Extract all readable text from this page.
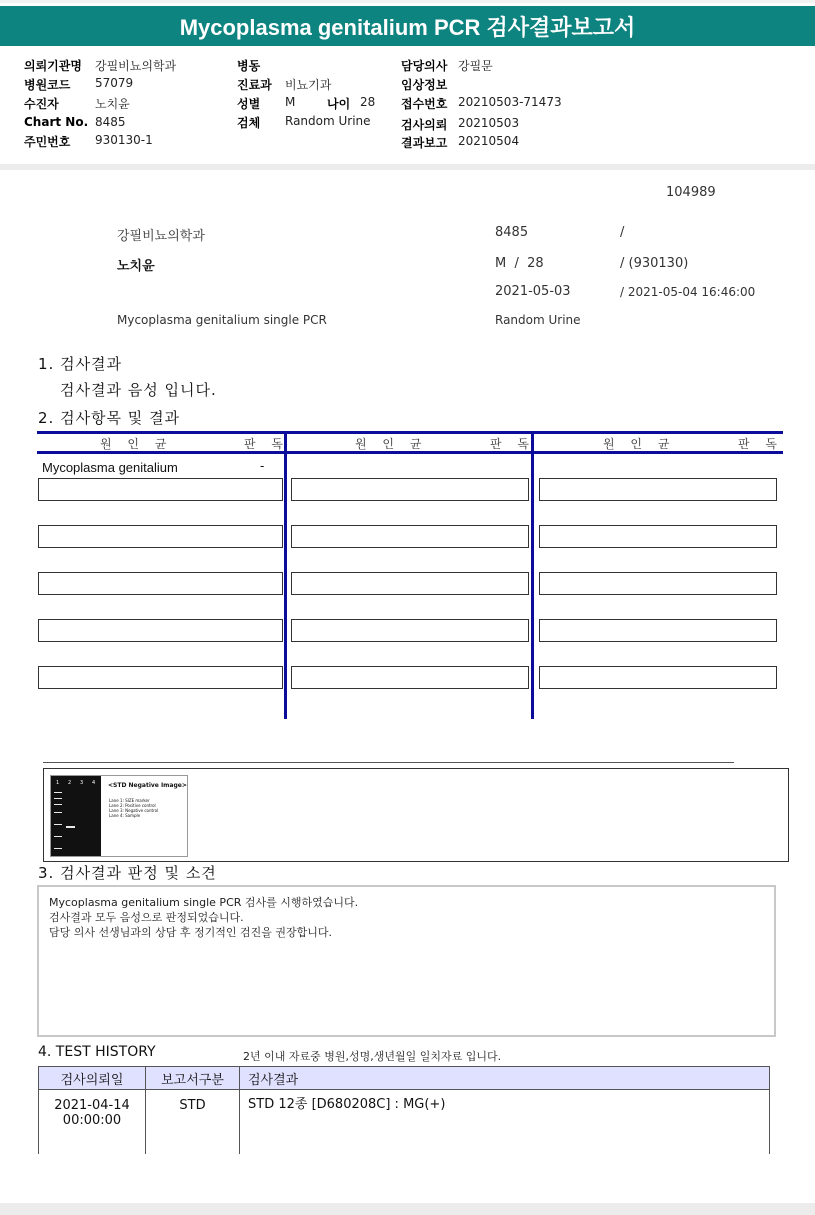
Mycoplasma genitalium PCR 검사결과보고서
의뢰기관명 강필비뇨의학과
병원코드 57079
수진자	노치윤
Chart No. 8485
주민번호 930130-1
병동
진료과 비뇨기과
성별 M	나이 28
검체 Random Urine
담당의사 강필문
임상정보
접수번호 20210503-71473
검사의뢰 20210503
결과보고 20210504
104989
강필비뇨의학과	8485	/
노치윤	M  /  28	/ (930130)
2021-05-03	/ 2021-05-04 16:46:00
Mycoplasma genitalium single PCR	Random Urine
1. 검사결과
검사결과 음성 입니다.
2. 검사항목 및 결과
원 인 균	판 독	원 인 균	판 독	원 인 균	판 독
Mycoplasma genitalium	-
1 2 3 4 <STD Negative Image>
Lane 1: SIZE marker
Lane 2: Positive control
Lane 3: Negative control
Lane 4: Sample
3. 검사결과 판정 및 소견
Mycoplasma genitalium single PCR 검사를 시행하였습니다.
검사결과 모두 음성으로 판정되었습니다.
담당 의사 선생님과의 상담 후 정기적인 검진을 권장합니다.
4. TEST HISTORY	2년 이내 자료중 병원,성명,생년월일 일치자료 입니다.
검사의뢰일	보고서구분	검사결과

2021-04-14
00:00:00	STD	STD 12종 [D680208C] : MG(+)
